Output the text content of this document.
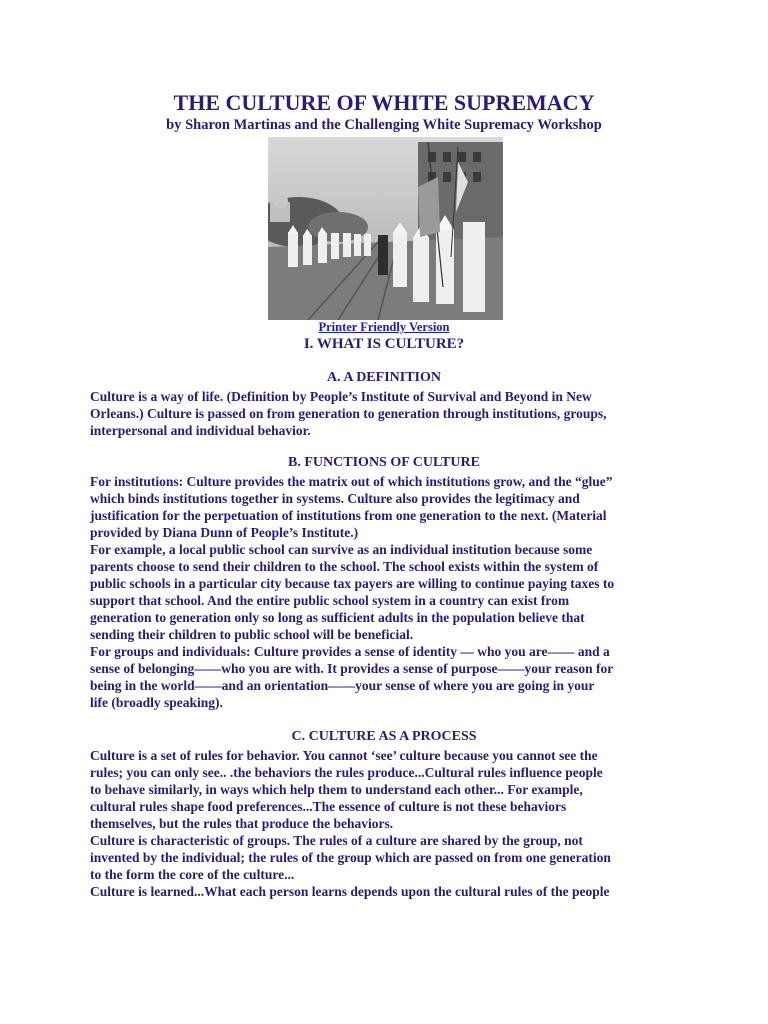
THE CULTURE OF WHITE SUPREMACY
by Sharon Martinas and the Challenging White Supremacy Workshop
Printer Friendly Version
I. WHAT IS CULTURE?
A. A DEFINITION
Culture is a way of life. (Definition by People’s Institute of Survival and Beyond in New
Orleans.) Culture is passed on from generation to generation through institutions, groups,
interpersonal and individual behavior.
B. FUNCTIONS OF CULTURE
For institutions: Culture provides the matrix out of which institutions grow, and the “glue”
which binds institutions together in systems. Culture also provides the legitimacy and
justification for the perpetuation of institutions from one generation to the next. (Material
provided by Diana Dunn of People’s Institute.)
For example, a local public school can survive as an individual institution because some
parents choose to send their children to the school. The school exists within the system of
public schools in a particular city because tax payers are willing to continue paying taxes to
support that school. And the entire public school system in a country can exist from
generation to generation only so long as sufficient adults in the population believe that
sending their children to public school will be beneficial.
For groups and individuals: Culture provides a sense of identity — who you are—— and a
sense of belonging——who you are with. It provides a sense of purpose——your reason for
being in the world——and an orientation——your sense of where you are going in your
life (broadly speaking).
C. CULTURE AS A PROCESS
Culture is a set of rules for behavior. You cannot ‘see’ culture because you cannot see the
rules; you can only see.. .the behaviors the rules produce...Cultural rules influence people
to behave similarly, in ways which help them to understand each other... For example,
cultural rules shape food preferences...The essence of culture is not these behaviors
themselves, but the rules that produce the behaviors.
Culture is characteristic of groups. The rules of a culture are shared by the group, not
invented by the individual; the rules of the group which are passed on from one generation
to the form the core of the culture...
Culture is learned...What each person learns depends upon the cultural rules of the people
